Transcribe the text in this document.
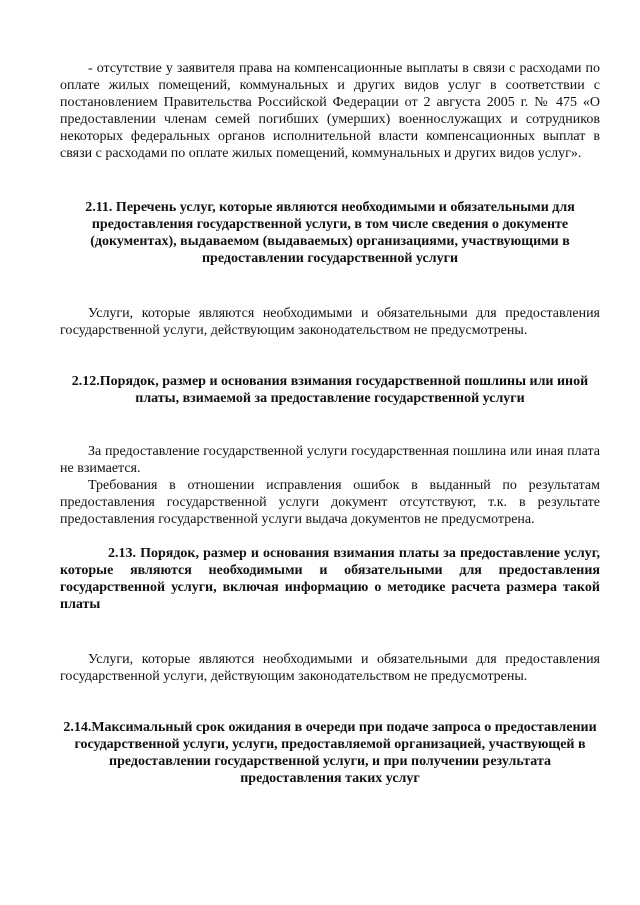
- отсутствие у заявителя права на компенсационные выплаты в связи с расходами по оплате жилых помещений, коммунальных и других видов услуг в соответствии с постановлением Правительства Российской Федерации от 2 августа 2005 г. № 475 «О предоставлении членам семей погибших (умерших) военнослужащих и сотрудников некоторых федеральных органов исполнительной власти компенсационных выплат в связи с расходами по оплате жилых помещений, коммунальных и других видов услуг».

2.11. Перечень услуг, которые являются необходимыми и обязательными для предоставления государственной услуги, в том числе сведения о документе (документах), выдаваемом (выдаваемых) организациями, участвующими в предоставлении государственной услуги

Услуги, которые являются необходимыми и обязательными для предоставления государственной услуги, действующим законодательством не предусмотрены.

2.12.Порядок, размер и основания взимания государственной пошлины или иной платы, взимаемой за предоставление государственной услуги

За предоставление государственной услуги государственная пошлина или иная плата не взимается.

Требования в отношении исправления ошибок в выданный по результатам предоставления государственной услуги документ отсутствуют, т.к. в результате предоставления государственной услуги выдача документов не предусмотрена.

2.13. Порядок, размер и основания взимания платы за предоставление услуг, которые являются необходимыми и обязательными для предоставления государственной услуги, включая информацию о методике расчета размера такой платы

Услуги, которые являются необходимыми и обязательными для предоставления государственной услуги, действующим законодательством не предусмотрены.

2.14.Максимальный срок ожидания в очереди при подаче запроса о предоставлении государственной услуги, услуги, предоставляемой организацией, участвующей в предоставлении государственной услуги, и при получении результата предоставления таких услуг
